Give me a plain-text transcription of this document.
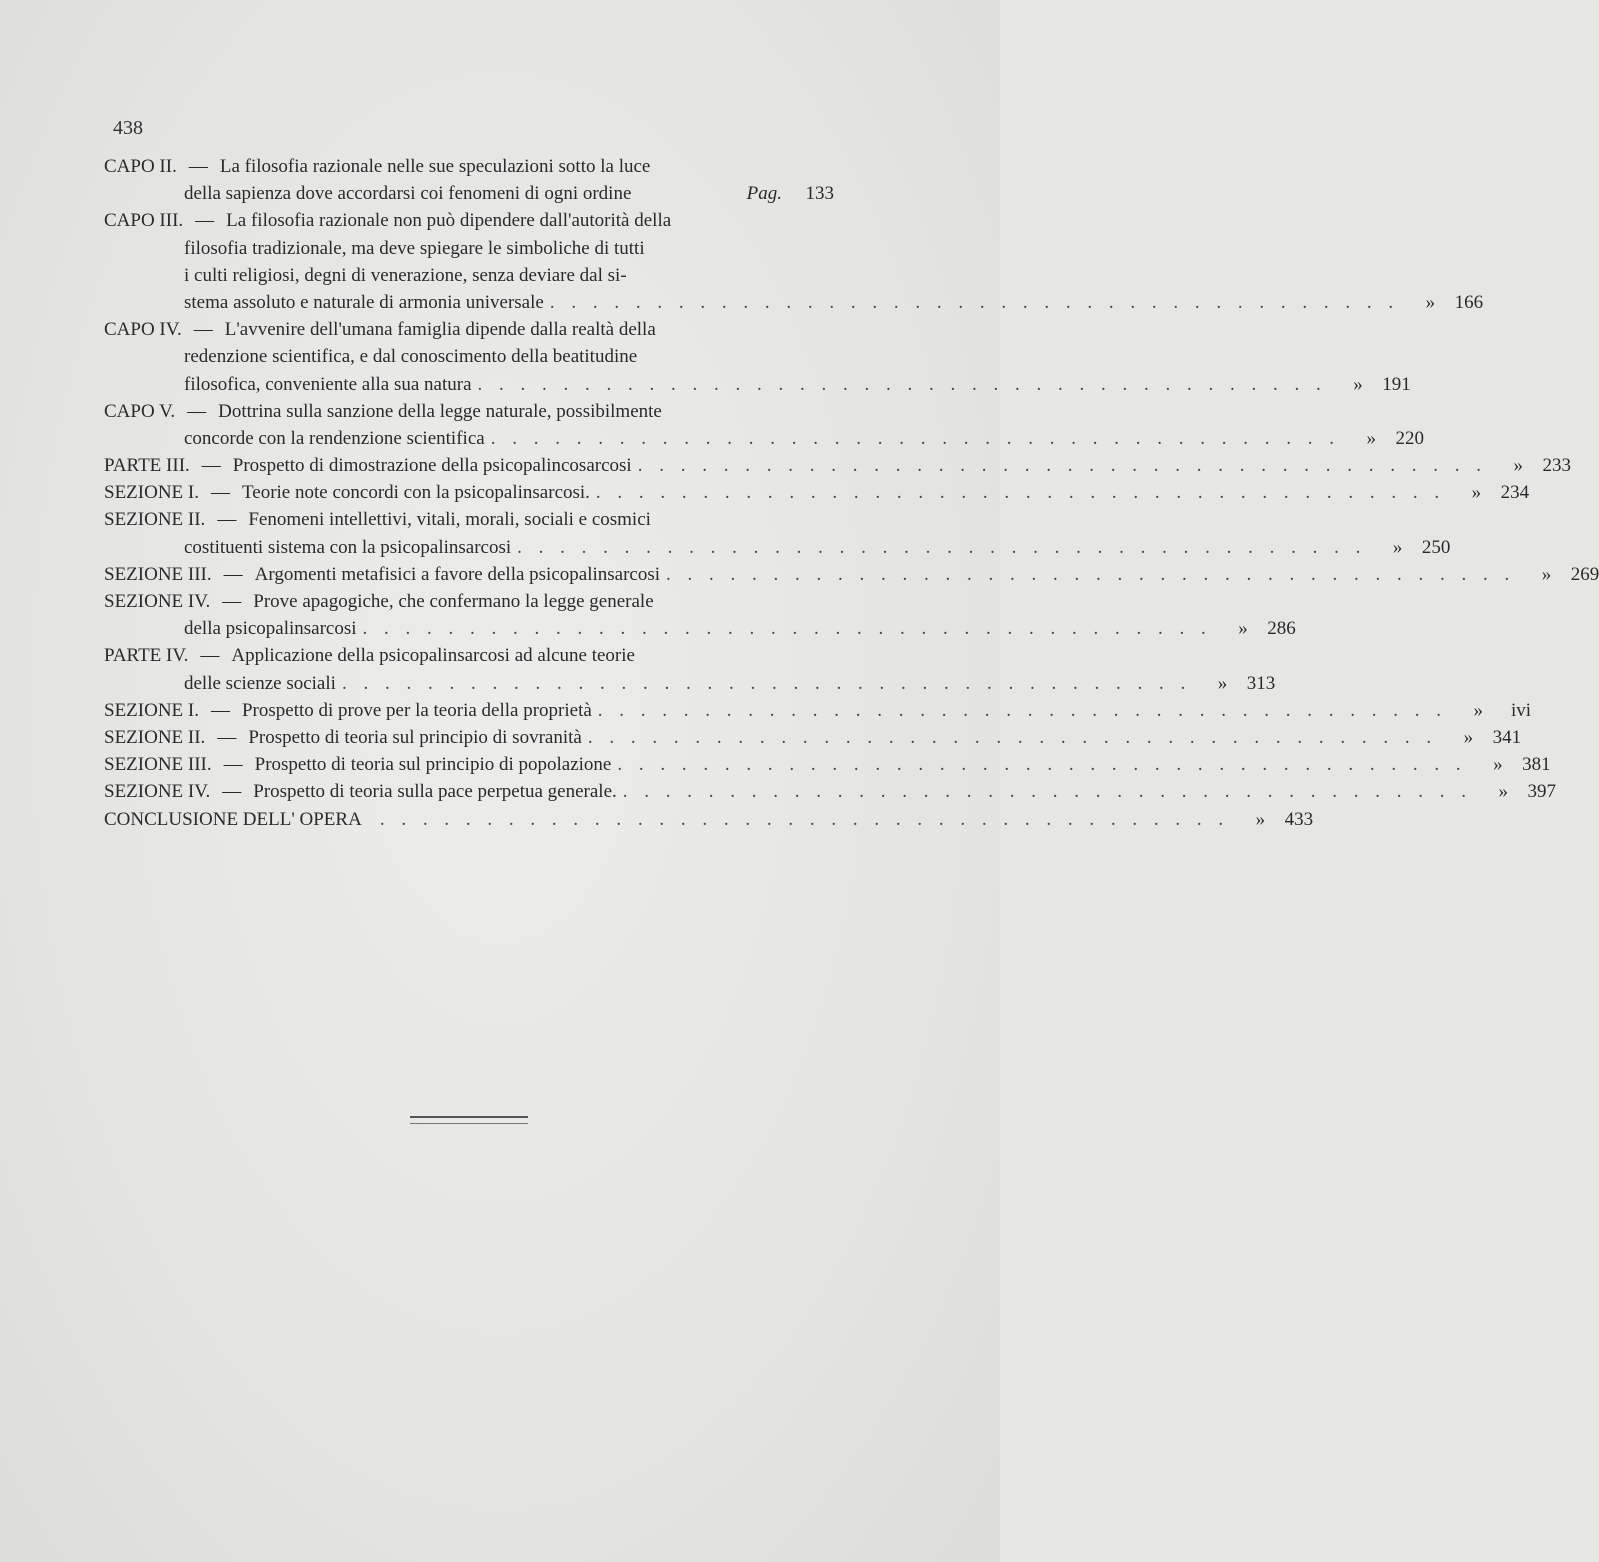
438
CAPO II. — La filosofia razionale nelle sue speculazioni sotto la luce
della sapienza dove accordarsi coi fenomeni di ogni ordine	Pag.	133
CAPO III. — La filosofia razionale non può dipendere dall'autorità della
filosofia tradizionale, ma deve spiegare le simboliche di tutti
i culti religiosi, degni di venerazione, senza deviare dal si-
stema assoluto e naturale di armonia universale . . . . . . . . . . . . . . . . . . . . . . . . . . . . . . . . . . . . . . . .	»	166
CAPO IV. — L'avvenire dell'umana famiglia dipende dalla realtà della
redenzione scientifica, e dal conoscimento della beatitudine
filosofica, conveniente alla sua natura . . . . . . . . . . . . . . . . . . . . . . . . . . . . . . . . . . . . . . . .	»	191
CAPO V. — Dottrina sulla sanzione della legge naturale, possibilmente
concorde con la rendenzione scientifica . . . . . . . . . . . . . . . . . . . . . . . . . . . . . . . . . . . . . . . .	»	220
PARTE III. — Prospetto di dimostrazione della psicopalincosarcosi . . . . . . . . . . . . . . . . . . . . . . . . . . . . . . . . . . . . . . . .	»	233
SEZIONE I. — Teorie note concordi con la psicopalinsarcosi. . . . . . . . . . . . . . . . . . . . . . . . . . . . . . . . . . . . . . . . .	»	234
SEZIONE II. — Fenomeni intellettivi, vitali, morali, sociali e cosmici
costituenti sistema con la psicopalinsarcosi . . . . . . . . . . . . . . . . . . . . . . . . . . . . . . . . . . . . . . . .	»	250
SEZIONE III. — Argomenti metafisici a favore della psicopalinsarcosi . . . . . . . . . . . . . . . . . . . . . . . . . . . . . . . . . . . . . . . .	»	269
SEZIONE IV. — Prove apagogiche, che confermano la legge generale
della psicopalinsarcosi . . . . . . . . . . . . . . . . . . . . . . . . . . . . . . . . . . . . . . . .	»	286
PARTE IV. — Applicazione della psicopalinsarcosi ad alcune teorie
delle scienze sociali . . . . . . . . . . . . . . . . . . . . . . . . . . . . . . . . . . . . . . . .	»	313
SEZIONE I. — Prospetto di prove per la teoria della proprietà . . . . . . . . . . . . . . . . . . . . . . . . . . . . . . . . . . . . . . . .	»	ivi
SEZIONE II. — Prospetto di teoria sul principio di sovranità . . . . . . . . . . . . . . . . . . . . . . . . . . . . . . . . . . . . . . . .	»	341
SEZIONE III. — Prospetto di teoria sul principio di popolazione . . . . . . . . . . . . . . . . . . . . . . . . . . . . . . . . . . . . . . . .	»	381
SEZIONE IV. — Prospetto di teoria sulla pace perpetua generale. . . . . . . . . . . . . . . . . . . . . . . . . . . . . . . . . . . . . . . . .	»	397
CONCLUSIONE DELL' OPERA . . . . . . . . . . . . . . . . . . . . . . . . . . . . . . . . . . . . . . . .	»	433
